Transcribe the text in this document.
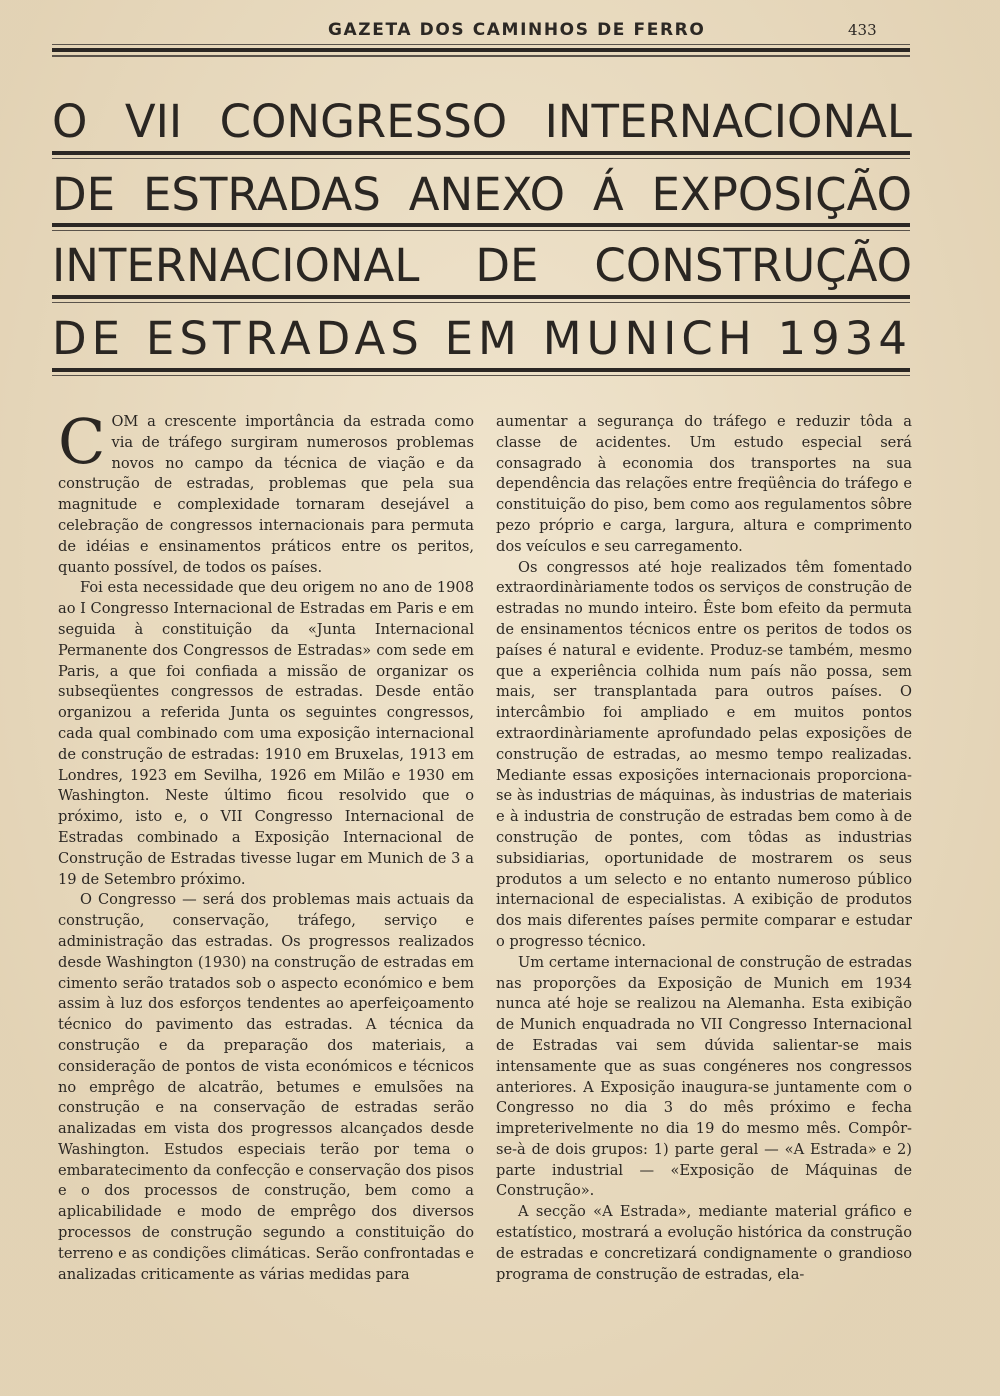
GAZETA DOS CAMINHOS DE FERRO	433
O VII CONGRESSO INTERNACIONAL
DE ESTRADAS ANEXO Á EXPOSIÇÃO
INTERNACIONAL DE CONSTRUÇÃO
DE ESTRADAS EM MUNICH 1934

COM a crescente importância da estrada como via de tráfego surgiram numerosos problemas novos no campo da técnica de viação e da construção de estradas, problemas que pela sua magnitude e complexidade tornaram desejável a celebração de congressos internacionais para permuta de idéias e ensinamentos práticos entre os peritos, quanto possível, de todos os países.

Foi esta necessidade que deu origem no ano de 1908 ao I Congresso Internacional de Estradas em Paris e em seguida à constituição da «Junta Internacional Permanente dos Congressos de Estradas» com sede em Paris, a que foi confiada a missão de organizar os subseqüentes congressos de estradas. Desde então organizou a referida Junta os seguintes congressos, cada qual combinado com uma exposição internacional de construção de estradas: 1910 em Bruxelas, 1913 em Londres, 1923 em Sevilha, 1926 em Milão e 1930 em Washington. Neste último ficou resolvido que o próximo, isto e, o VII Congresso Internacional de Estradas combinado a Exposição Internacional de Construção de Estradas tivesse lugar em Munich de 3 a 19 de Setembro próximo.

O Congresso — será dos problemas mais actuais da construção, conservação, tráfego, serviço e administração das estradas. Os progressos realizados desde Washington (1930) na construção de estradas em cimento serão tratados sob o aspecto económico e bem assim à luz dos esforços tendentes ao aperfeiçoamento técnico do pavimento das estradas. A técnica da construção e da preparação dos materiais, a consideração de pontos de vista económicos e técnicos no emprêgo de alcatrão, betumes e emulsões na construção e na conservação de estradas serão analizadas em vista dos progressos alcançados desde Washington. Estudos especiais terão por tema o embaratecimento da confecção e conservação dos pisos e o dos processos de construção, bem como a aplicabilidade e modo de emprêgo dos diversos processos de construção segundo a constituição do terreno e as condições climáticas. Serão confrontadas e analizadas criticamente as várias medidas para

aumentar a segurança do tráfego e reduzir tôda a classe de acidentes. Um estudo especial será consagrado à economia dos transportes na sua dependência das relações entre freqüência do tráfego e constituição do piso, bem como aos regulamentos sôbre pezo próprio e carga, largura, altura e comprimento dos veículos e seu carregamento.

Os congressos até hoje realizados têm fomentado extraordinàriamente todos os serviços de construção de estradas no mundo inteiro. Êste bom efeito da permuta de ensinamentos técnicos entre os peritos de todos os países é natural e evidente. Produz-se também, mesmo que a experiência colhida num país não possa, sem mais, ser transplantada para outros países. O intercâmbio foi ampliado e em muitos pontos extraordinàriamente aprofundado pelas exposições de construção de estradas, ao mesmo tempo realizadas. Mediante essas exposições internacionais proporciona-se às industrias de máquinas, às industrias de materiais e à industria de construção de estradas bem como à de construção de pontes, com tôdas as industrias subsidiarias, oportunidade de mostrarem os seus produtos a um selecto e no entanto numeroso público internacional de especialistas. A exibição de produtos dos mais diferentes países permite comparar e estudar o progresso técnico.

Um certame internacional de construção de estradas nas proporções da Exposição de Munich em 1934 nunca até hoje se realizou na Alemanha. Esta exibição de Munich enquadrada no VII Congresso Internacional de Estradas vai sem dúvida salientar-se mais intensamente que as suas congéneres nos congressos anteriores. A Exposição inaugura-se juntamente com o Congresso no dia 3 do mês próximo e fecha impreterivelmente no dia 19 do mesmo mês. Compôr-se-à de dois grupos: 1) parte geral — «A Estrada» e 2) parte industrial — «Exposição de Máquinas de Construção».

A secção «A Estrada», mediante material gráfico e estatístico, mostrará a evolução histórica da construção de estradas e concretizará condignamente o grandioso programa de construção de estradas, ela-
